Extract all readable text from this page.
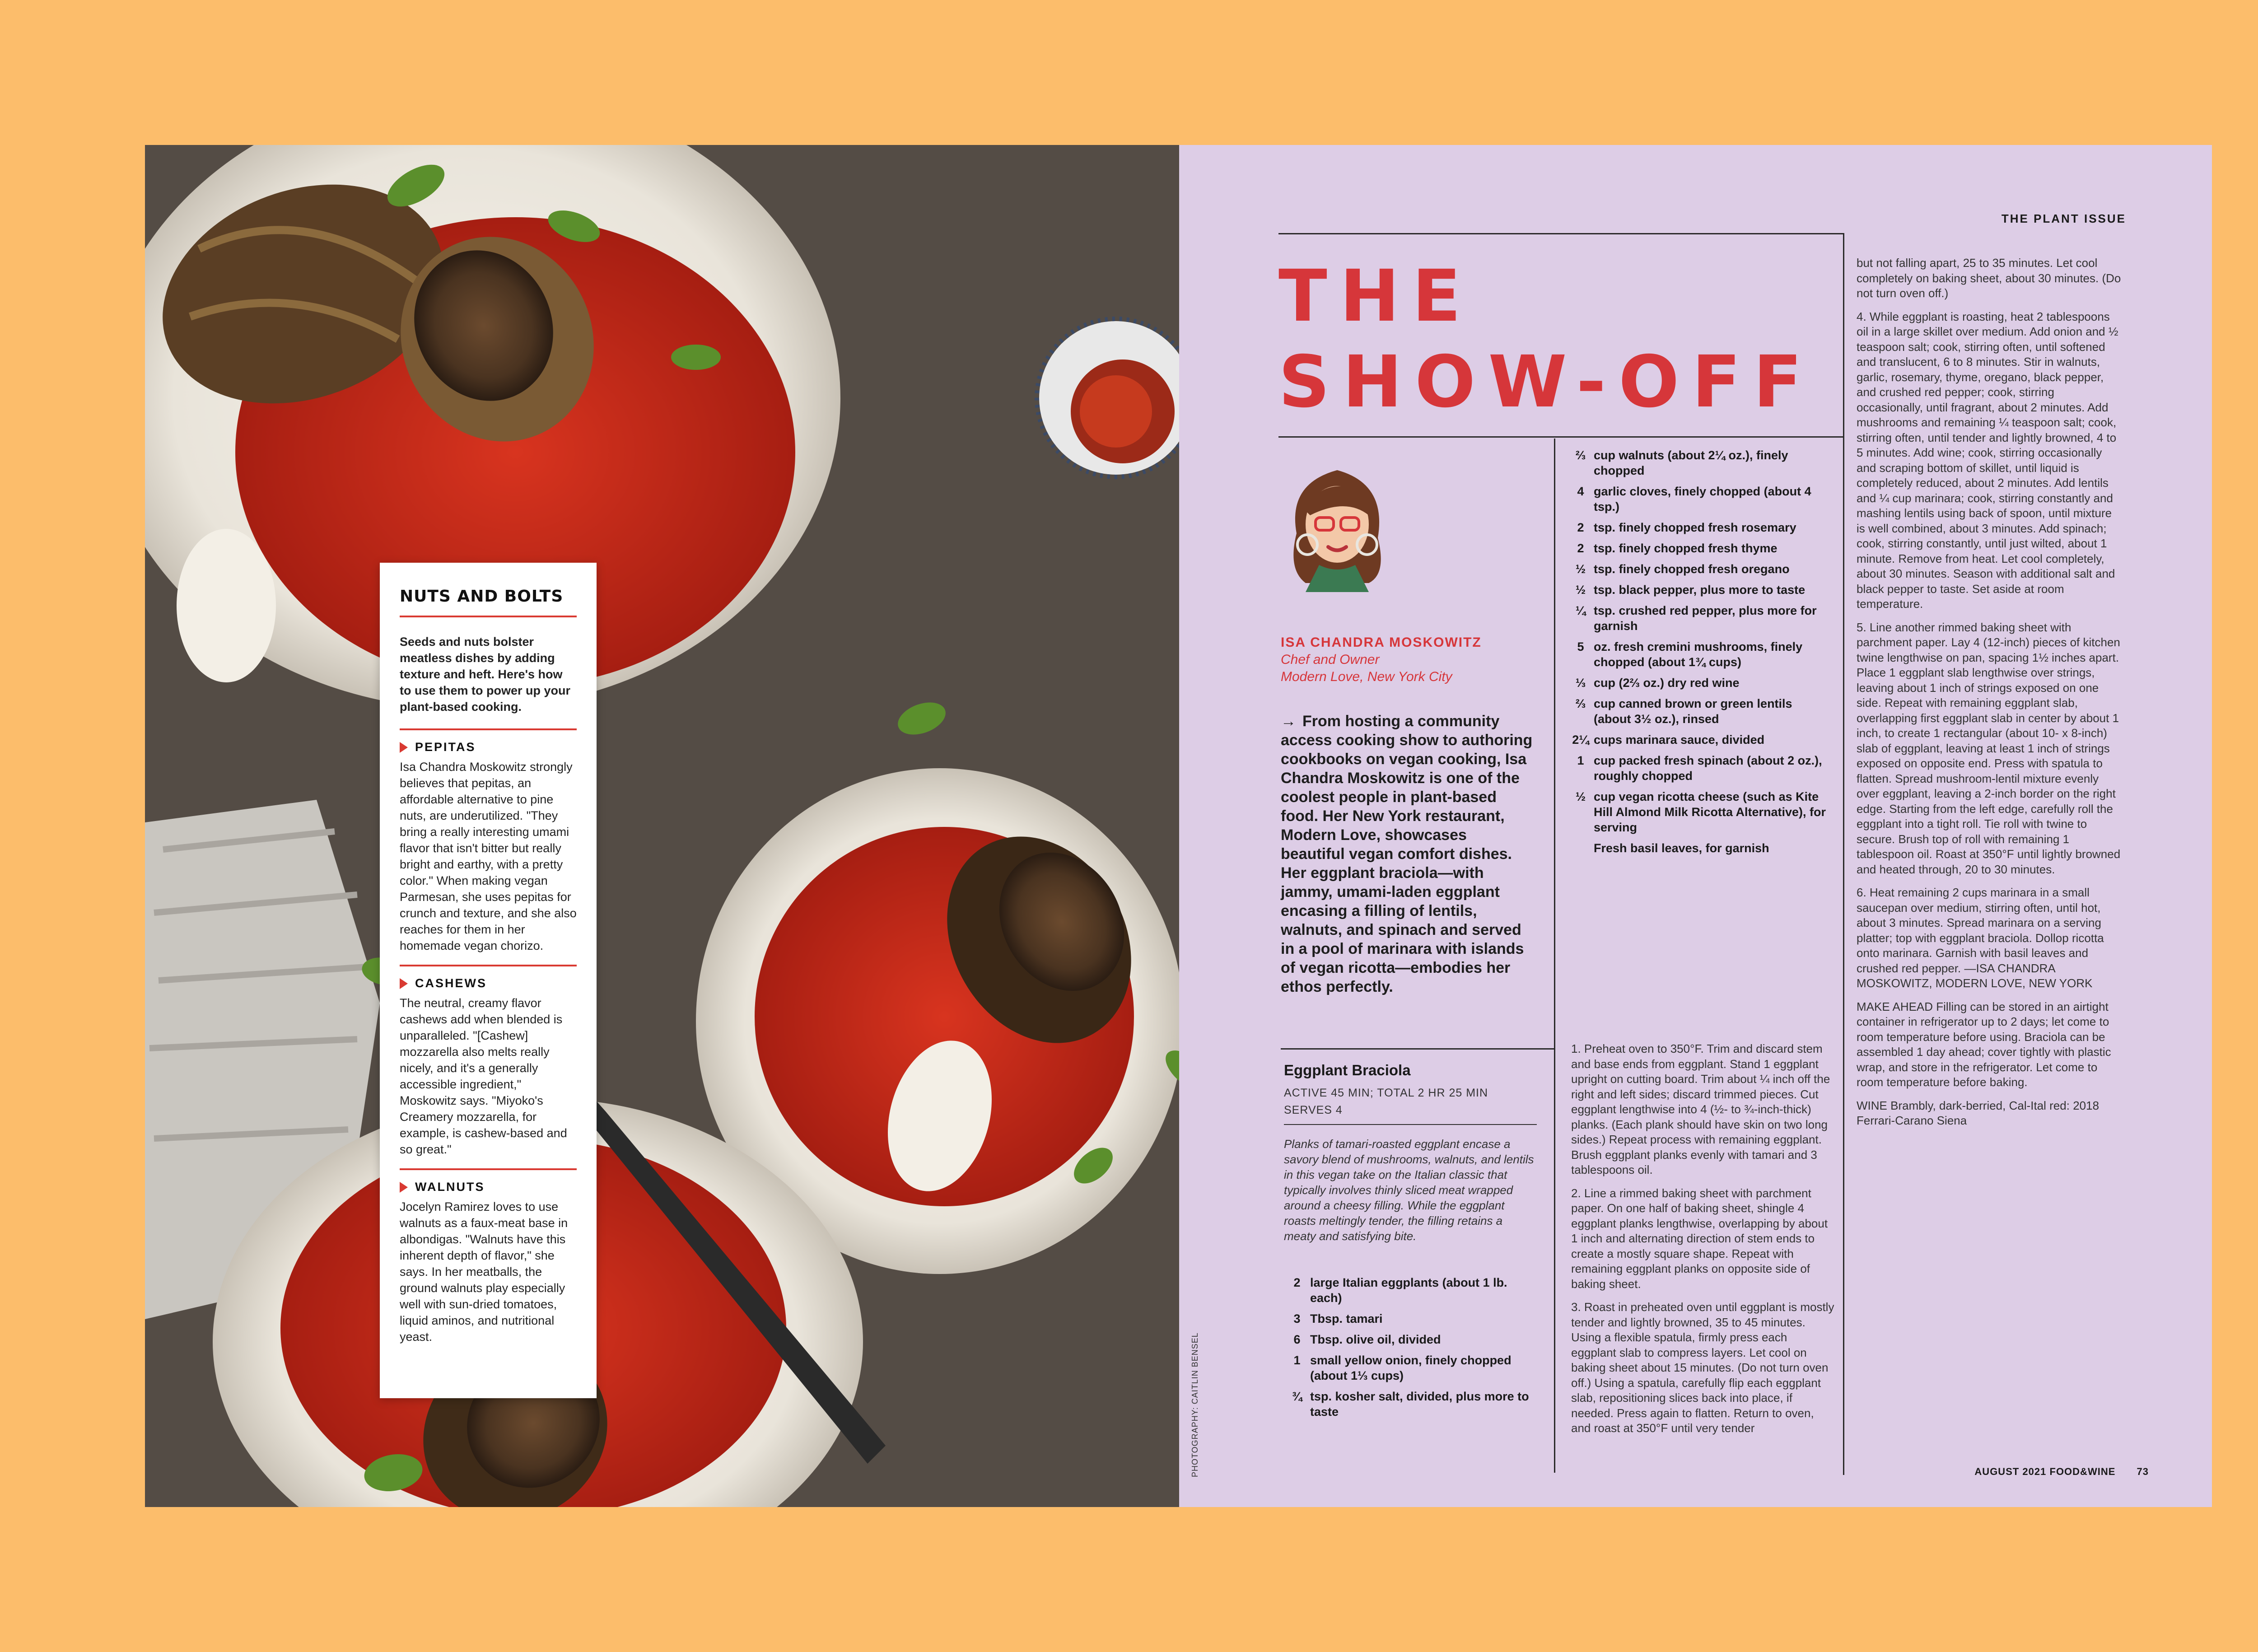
NUTS AND BOLTS
Seeds and nuts bolster meatless dishes by adding texture and heft. Here's how to use them to power up your plant-based cooking.
PEPITAS
Isa Chandra Moskowitz strongly believes that pepitas, an affordable alternative to pine nuts, are underutilized. "They bring a really interesting umami flavor that isn't bitter but really bright and earthy, with a pretty color." When making vegan Parmesan, she uses pepitas for crunch and texture, and she also reaches for them in her homemade vegan chorizo.
CASHEWS
The neutral, creamy flavor cashews add when blended is unparalleled. "[Cashew] mozzarella also melts really nicely, and it's a generally accessible ingredient," Moskowitz says. "Miyoko's Creamery mozzarella, for example, is cashew-based and so great."
WALNUTS
Jocelyn Ramirez loves to use walnuts as a faux-meat base in albondigas. "Walnuts have this inherent depth of flavor," she says. In her meatballs, the ground walnuts play especially well with sun-dried tomatoes, liquid aminos, and nutritional yeast.
THE PLANT ISSUE
THE
SHOW-OFF
ISA CHANDRA MOSKOWITZ
Chef and Owner
Modern Love, New York City
→ From hosting a community access cooking show to authoring cookbooks on vegan cooking, Isa Chandra Moskowitz is one of the coolest people in plant-based food. Her New York restaurant, Modern Love, showcases beautiful vegan comfort dishes. Her eggplant braciola—with jammy, umami-laden eggplant encasing a filling of lentils, walnuts, and spinach and served in a pool of marinara with islands of vegan ricotta—embodies her ethos perfectly.
Eggplant Braciola
ACTIVE 45 MIN; TOTAL 2 HR 25 MIN
SERVES 4
Planks of tamari-roasted eggplant encase a savory blend of mushrooms, walnuts, and lentils in this vegan take on the Italian classic that typically involves thinly sliced meat wrapped around a cheesy filling. While the eggplant roasts meltingly tender, the filling retains a meaty and satisfying bite.
2 large Italian eggplants (about 1 lb. each)
3 Tbsp. tamari
6 Tbsp. olive oil, divided
1 small yellow onion, finely chopped (about 1⅓ cups)
¾ tsp. kosher salt, divided, plus more to taste
⅔ cup walnuts (about 2¼ oz.), finely chopped
4 garlic cloves, finely chopped (about 4 tsp.)
2 tsp. finely chopped fresh rosemary
2 tsp. finely chopped fresh thyme
½ tsp. finely chopped fresh oregano
½ tsp. black pepper, plus more to taste
¼ tsp. crushed red pepper, plus more for garnish
5 oz. fresh cremini mushrooms, finely chopped (about 1¾ cups)
⅓ cup (2⅔ oz.) dry red wine
⅔ cup canned brown or green lentils (about 3½ oz.), rinsed
2¼ cups marinara sauce, divided
1 cup packed fresh spinach (about 2 oz.), roughly chopped
½ cup vegan ricotta cheese (such as Kite Hill Almond Milk Ricotta Alternative), for serving
Fresh basil leaves, for garnish
1. Preheat oven to 350°F. Trim and discard stem and base ends from eggplant. Stand 1 eggplant upright on cutting board. Trim about ¼ inch off the right and left sides; discard trimmed pieces. Cut eggplant lengthwise into 4 (½- to ¾-inch-thick) planks. (Each plank should have skin on two long sides.) Repeat process with remaining eggplant. Brush eggplant planks evenly with tamari and 3 tablespoons oil.
2. Line a rimmed baking sheet with parchment paper. On one half of baking sheet, shingle 4 eggplant planks lengthwise, overlapping by about 1 inch and alternating direction of stem ends to create a mostly square shape. Repeat with remaining eggplant planks on opposite side of baking sheet.
3. Roast in preheated oven until eggplant is mostly tender and lightly browned, 35 to 45 minutes. Using a flexible spatula, firmly press each eggplant slab to compress layers. Let cool on baking sheet about 15 minutes. (Do not turn oven off.) Using a spatula, carefully flip each eggplant slab, repositioning slices back into place, if needed. Press again to flatten. Return to oven, and roast at 350°F until very tender
but not falling apart, 25 to 35 minutes. Let cool completely on baking sheet, about 30 minutes. (Do not turn oven off.)
4. While eggplant is roasting, heat 2 tablespoons oil in a large skillet over medium. Add onion and ½ teaspoon salt; cook, stirring often, until softened and translucent, 6 to 8 minutes. Stir in walnuts, garlic, rosemary, thyme, oregano, black pepper, and crushed red pepper; cook, stirring occasionally, until fragrant, about 2 minutes. Add mushrooms and remaining ¼ teaspoon salt; cook, stirring often, until tender and lightly browned, 4 to 5 minutes. Add wine; cook, stirring occasionally and scraping bottom of skillet, until liquid is completely reduced, about 2 minutes. Add lentils and ¼ cup marinara; cook, stirring constantly and mashing lentils using back of spoon, until mixture is well combined, about 3 minutes. Add spinach; cook, stirring constantly, until just wilted, about 1 minute. Remove from heat. Let cool completely, about 30 minutes. Season with additional salt and black pepper to taste. Set aside at room temperature.
5. Line another rimmed baking sheet with parchment paper. Lay 4 (12-inch) pieces of kitchen twine lengthwise on pan, spacing 1½ inches apart. Place 1 eggplant slab lengthwise over strings, leaving about 1 inch of strings exposed on one side. Repeat with remaining eggplant slab, overlapping first eggplant slab in center by about 1 inch, to create 1 rectangular (about 10- x 8-inch) slab of eggplant, leaving at least 1 inch of strings exposed on opposite end. Press with spatula to flatten. Spread mushroom-lentil mixture evenly over eggplant, leaving a 2-inch border on the right edge. Starting from the left edge, carefully roll the eggplant into a tight roll. Tie roll with twine to secure. Brush top of roll with remaining 1 tablespoon oil. Roast at 350°F until lightly browned and heated through, 20 to 30 minutes.
6. Heat remaining 2 cups marinara in a small saucepan over medium, stirring often, until hot, about 3 minutes. Spread marinara on a serving platter; top with eggplant braciola. Dollop ricotta onto marinara. Garnish with basil leaves and crushed red pepper. —ISA CHANDRA MOSKOWITZ, MODERN LOVE, NEW YORK
MAKE AHEAD Filling can be stored in an airtight container in refrigerator up to 2 days; let come to room temperature before using. Braciola can be assembled 1 day ahead; cover tightly with plastic wrap, and store in the refrigerator. Let come to room temperature before baking.
WINE Brambly, dark-berried, Cal-Ital red: 2018 Ferrari-Carano Siena
PHOTOGRAPHY: CAITLIN BENSEL	AUGUST 2021 FOOD&WINE 73
